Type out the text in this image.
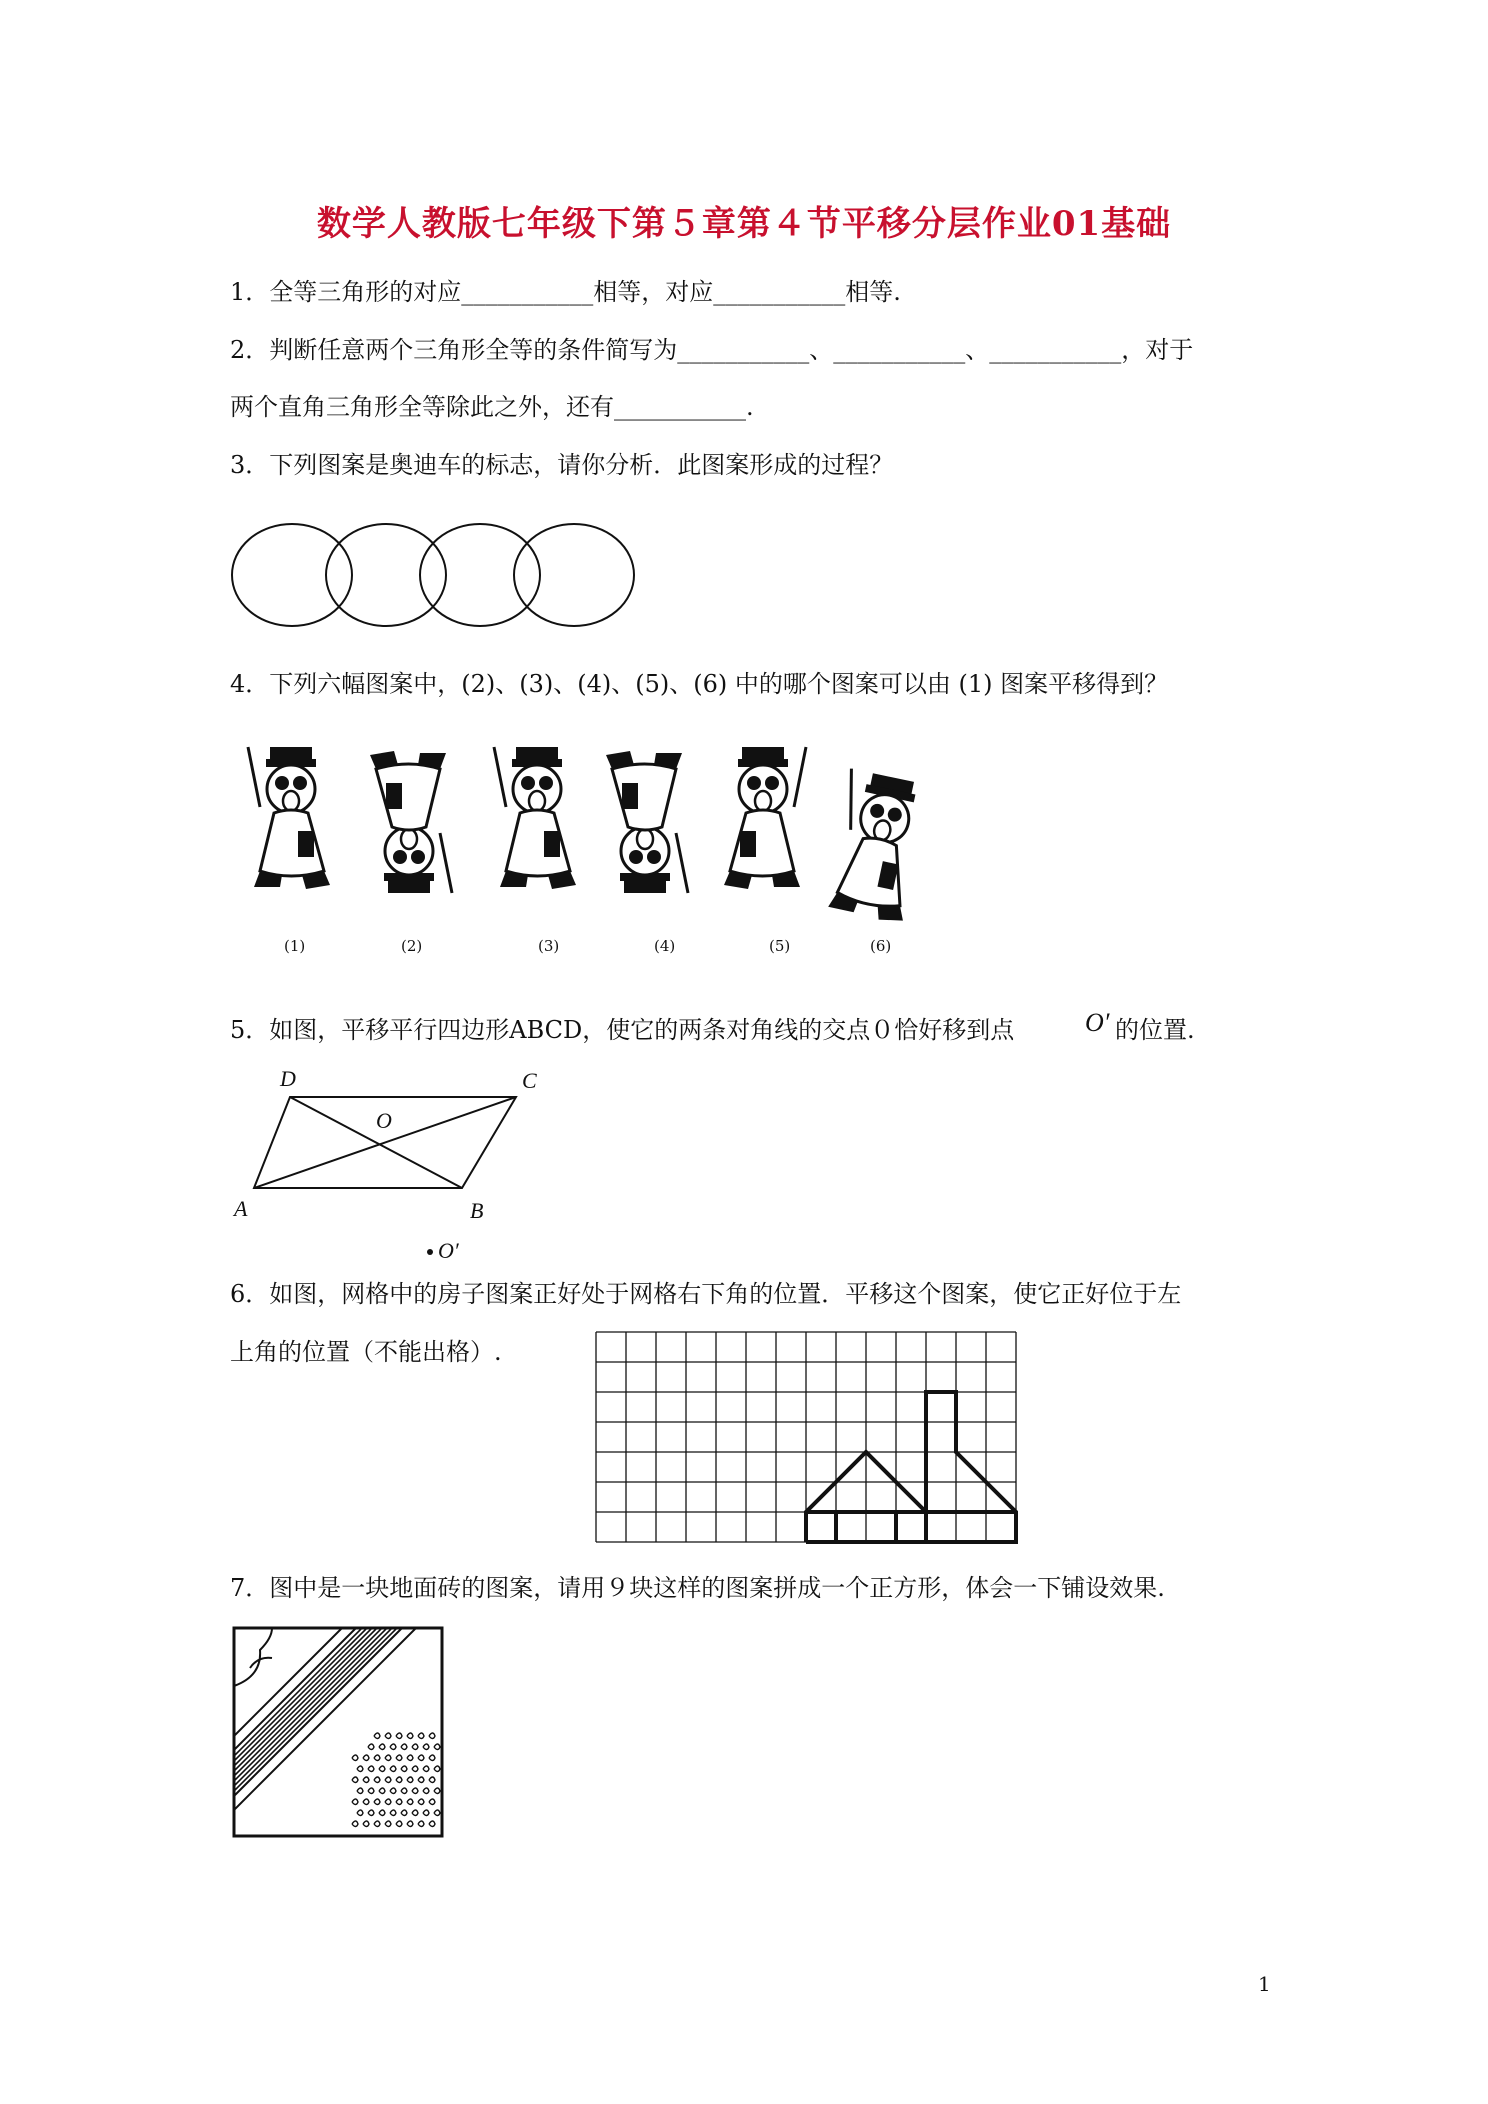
数学人教版七年级下第５章第４节平移分层作业01基础
1．全等三角形的对应___________相等，对应___________相等.
2．判断任意两个三角形全等的条件简写为___________、___________、___________，对于
两个直角三角形全等除此之外，还有___________.
3．下列图案是奥迪车的标志，请你分析．此图案形成的过程？
4．下列六幅图案中，(2)、(3)、(4)、(5)、(6) 中的哪个图案可以由 (1) 图案平移得到？
(1)	(2)	(3)	(4)	(5)	(6)
5．如图，平移平行四边形ABCD，使它的两条对角线的交点０恰好移到点	O′ 的位置.
D	C
O
A	B
O′
6．如图，网格中的房子图案正好处于网格右下角的位置．平移这个图案，使它正好位于左
上角的位置（不能出格）.
7．图中是一块地面砖的图案，请用９块这样的图案拼成一个正方形，体会一下铺设效果.
1
